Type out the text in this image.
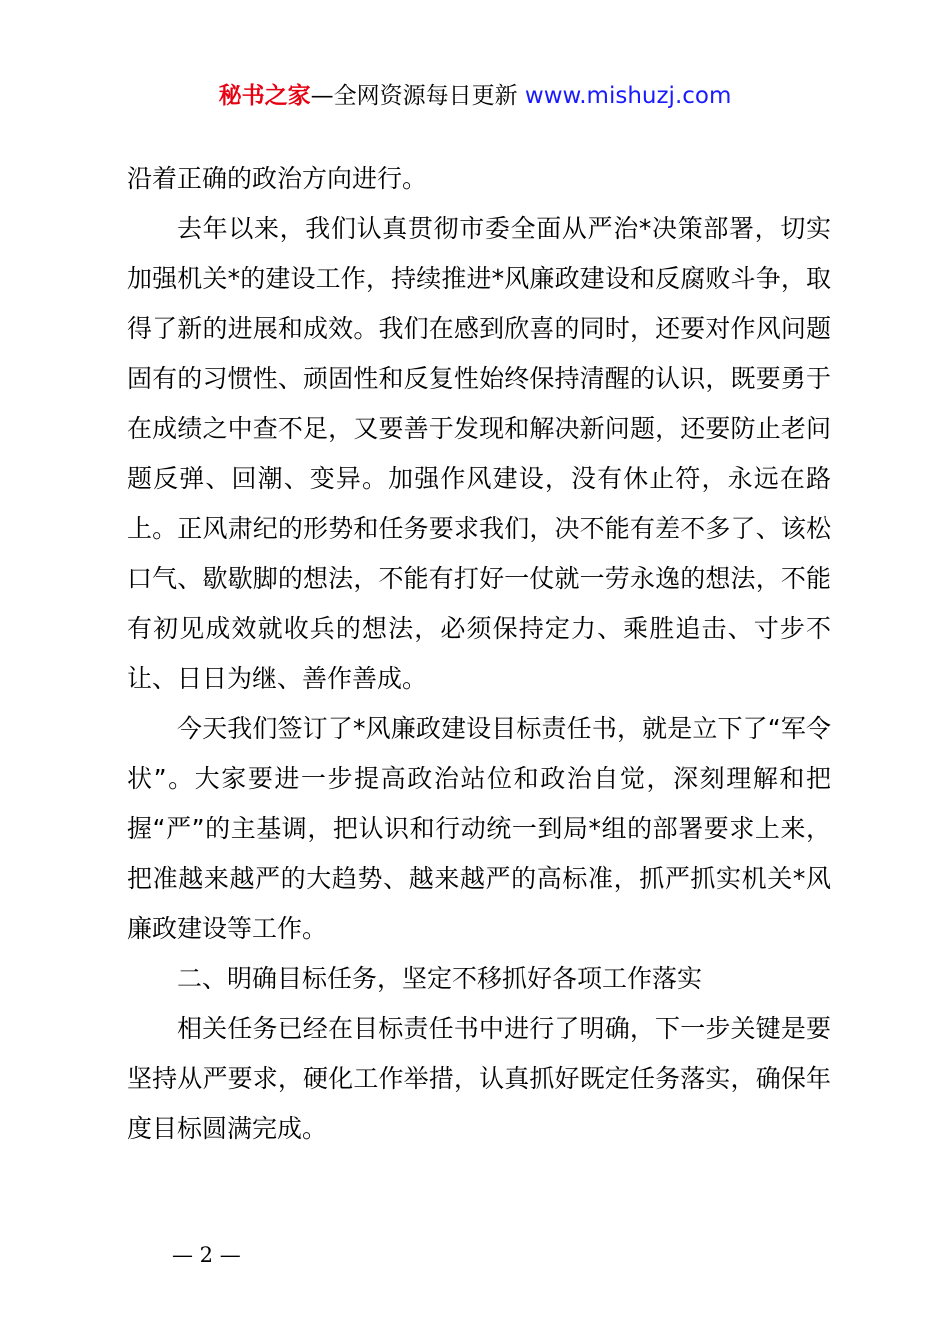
秘书之家—全网资源每日更新 www.mishuzj.com

沿着正确的政治方向进行。

去年以来，我们认真贯彻市委全面从严治*决策部署，切实加强机关*的建设工作，持续推进*风廉政建设和反腐败斗争，取得了新的进展和成效。我们在感到欣喜的同时，还要对作风问题固有的习惯性、顽固性和反复性始终保持清醒的认识，既要勇于在成绩之中查不足，又要善于发现和解决新问题，还要防止老问题反弹、回潮、变异。加强作风建设，没有休止符，永远在路上。正风肃纪的形势和任务要求我们，决不能有差不多了、该松口气、歇歇脚的想法，不能有打好一仗就一劳永逸的想法，不能有初见成效就收兵的想法，必须保持定力、乘胜追击、寸步不让、日日为继、善作善成。

今天我们签订了*风廉政建设目标责任书，就是立下了“军令状”。大家要进一步提高政治站位和政治自觉，深刻理解和把握“严”的主基调，把认识和行动统一到局*组的部署要求上来，把准越来越严的大趋势、越来越严的高标准，抓严抓实机关*风廉政建设等工作。

二、明确目标任务，坚定不移抓好各项工作落实

相关任务已经在目标责任书中进行了明确，下一步关键是要坚持从严要求，硬化工作举措，认真抓好既定任务落实，确保年度目标圆满完成。

— 2 —
